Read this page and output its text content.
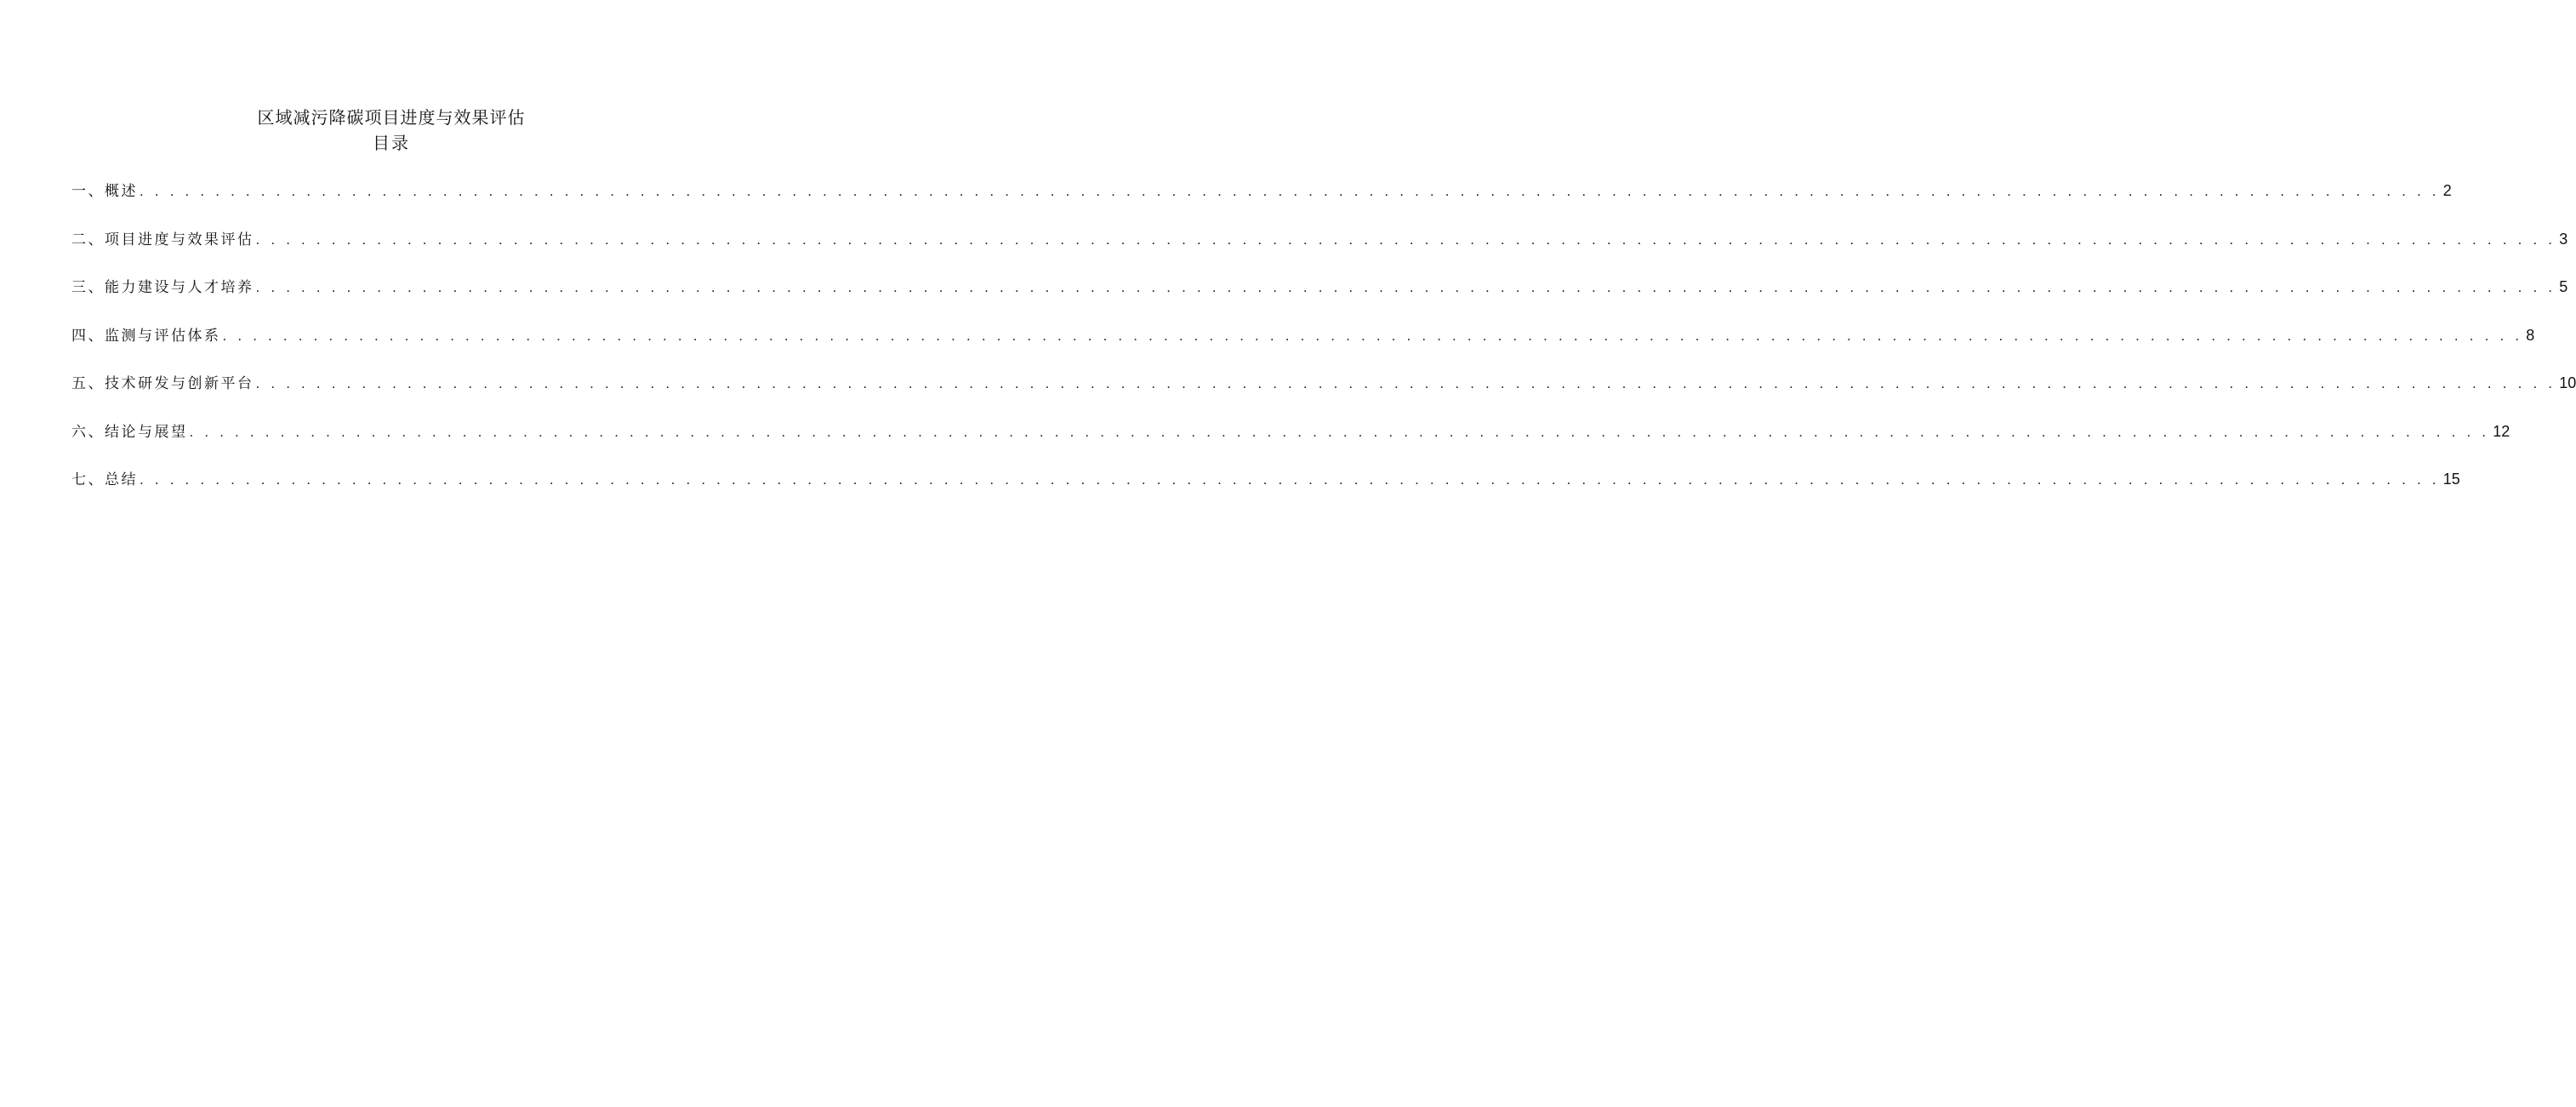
区域减污降碳项目进度与效果评估
目录
一、概述 . . . . . . . . . . . . . . . . . . . . . . . . . . . . . . . . . . . . . . . . . . . . . . . . . . . . . . . . . . . . . . . . . . . . . . . . . . . . . . . . . . . . . . . . . . . . . . . . . . . . . . . . . . . . . . . . . . . . . . . . . . . . . . . . . . . . . . . . . . . . . . . . . . . . . . . . 2
二、项目进度与效果评估 . . . . . . . . . . . . . . . . . . . . . . . . . . . . . . . . . . . . . . . . . . . . . . . . . . . . . . . . . . . . . . . . . . . . . . . . . . . . . . . . . . . . . . . . . . . . . . . . . . . . . . . . . . . . . . . . . . . . . . . . . . . . . . . . . . . . . . . . . . . . . . . . . . . . . . . . 3
三、能力建设与人才培养 . . . . . . . . . . . . . . . . . . . . . . . . . . . . . . . . . . . . . . . . . . . . . . . . . . . . . . . . . . . . . . . . . . . . . . . . . . . . . . . . . . . . . . . . . . . . . . . . . . . . . . . . . . . . . . . . . . . . . . . . . . . . . . . . . . . . . . . . . . . . . . . . . . . . . . . . 5
四、监测与评估体系 . . . . . . . . . . . . . . . . . . . . . . . . . . . . . . . . . . . . . . . . . . . . . . . . . . . . . . . . . . . . . . . . . . . . . . . . . . . . . . . . . . . . . . . . . . . . . . . . . . . . . . . . . . . . . . . . . . . . . . . . . . . . . . . . . . . . . . . . . . . . . . . . . . . . . . . . 8
五、技术研发与创新平台 . . . . . . . . . . . . . . . . . . . . . . . . . . . . . . . . . . . . . . . . . . . . . . . . . . . . . . . . . . . . . . . . . . . . . . . . . . . . . . . . . . . . . . . . . . . . . . . . . . . . . . . . . . . . . . . . . . . . . . . . . . . . . . . . . . . . . . . . . . . . . . . . . . . . . . . . 10
六、结论与展望 . . . . . . . . . . . . . . . . . . . . . . . . . . . . . . . . . . . . . . . . . . . . . . . . . . . . . . . . . . . . . . . . . . . . . . . . . . . . . . . . . . . . . . . . . . . . . . . . . . . . . . . . . . . . . . . . . . . . . . . . . . . . . . . . . . . . . . . . . . . . . . . . . . . . . . . . 12
七、总结 . . . . . . . . . . . . . . . . . . . . . . . . . . . . . . . . . . . . . . . . . . . . . . . . . . . . . . . . . . . . . . . . . . . . . . . . . . . . . . . . . . . . . . . . . . . . . . . . . . . . . . . . . . . . . . . . . . . . . . . . . . . . . . . . . . . . . . . . . . . . . . . . . . . . . . . . 15
